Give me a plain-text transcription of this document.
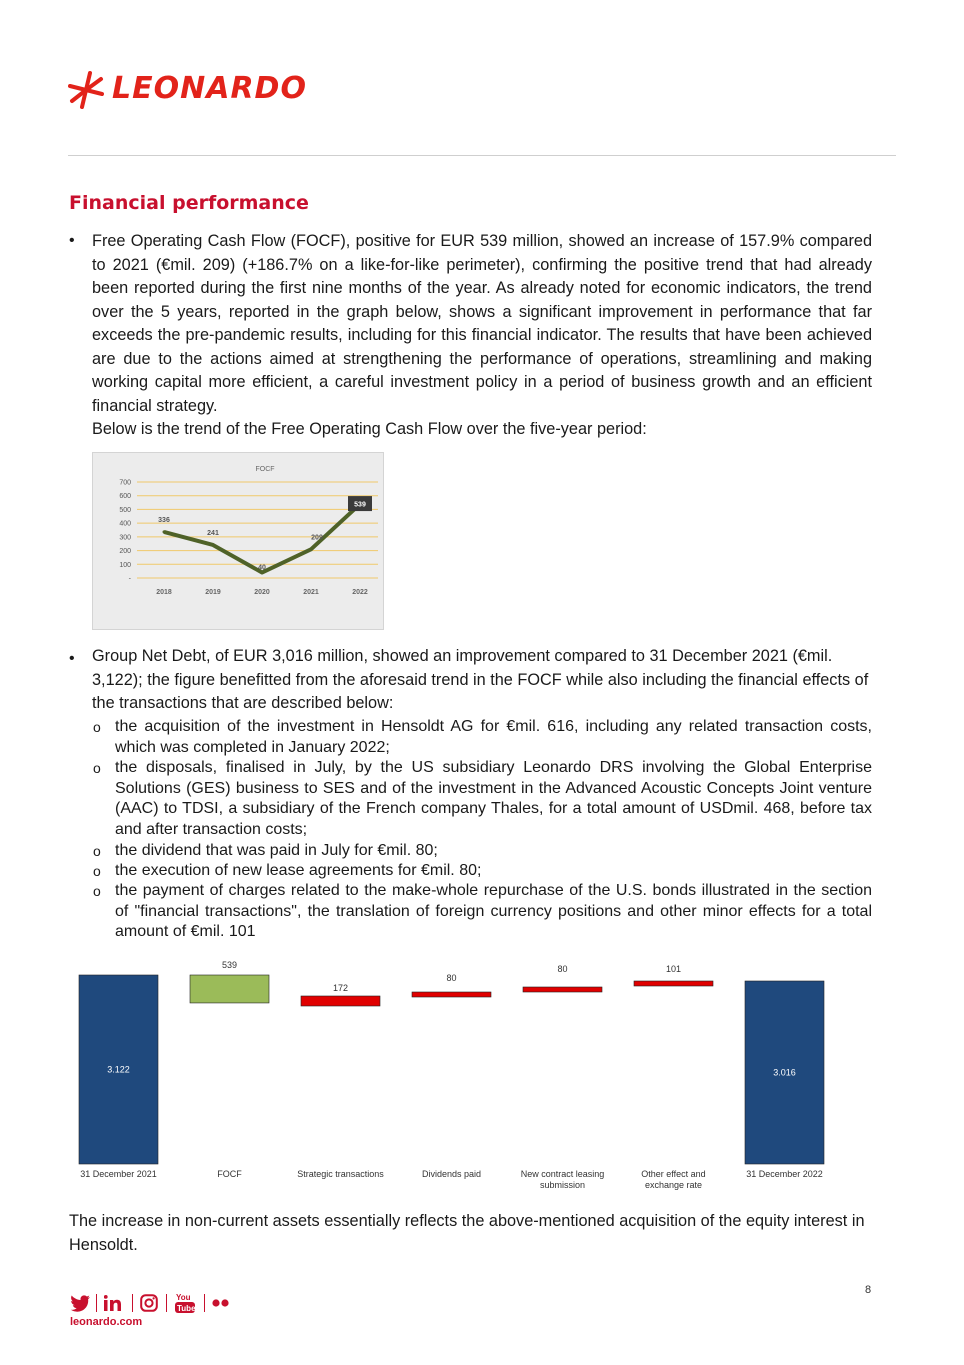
LEONARDO
Financial performance
• Free Operating Cash Flow (FOCF), positive for EUR 539 million, showed an increase of 157.9% compared to 2021 (€mil. 209) (+186.7% on a like-for-like perimeter), confirming the positive trend that had already been reported during the first nine months of the year. As already noted for economic indicators, the trend over the 5 years, reported in the graph below, shows a significant improvement in performance that far exceeds the pre-pandemic results, including for this financial indicator. The results that have been achieved are due to the actions aimed at strengthening the performance of operations, streamlining and making working capital more efficient, a careful investment policy in a period of business growth and an efficient financial strategy.
Below is the trend of the Free Operating Cash Flow over the five-year period:
FOCF
700
600
500
400
300
200
100
-
336
2018
241
2019
40
2020
209
2021
539
2022
• Group Net Debt, of EUR 3,016 million, showed an improvement compared to 31 December 2021 (€mil. 3,122); the figure benefitted from the aforesaid trend in the FOCF while also including the financial effects of the transactions that are described below:
o the acquisition of the investment in Hensoldt AG for €mil. 616, including any related transaction costs, which was completed in January 2022;
o the disposals, finalised in July, by the US subsidiary Leonardo DRS involving the Global Enterprise Solutions (GES) business to SES and of the investment in the Advanced Acoustic Concepts Joint venture (AAC) to TDSI, a subsidiary of the French company Thales, for a total amount of USDmil. 468, before tax and after transaction costs;
o the dividend that was paid in July for €mil. 80;
o the execution of new lease agreements for €mil. 80;
o the payment of charges related to the make-whole repurchase of the U.S. bonds illustrated in the section of "financial transactions", the translation of foreign currency positions and other minor effects for a total amount of €mil. 101
3.122
31 December 2021
539
FOCF
172
Strategic transactions
80
Dividends paid
80
New contract leasing
submission
101
Other effect and
exchange rate
3.016
31 December 2022
The increase in non-current assets essentially reflects the above-mentioned acquisition of the equity interest in Hensoldt.
You
Tube
leonardo.com
8
